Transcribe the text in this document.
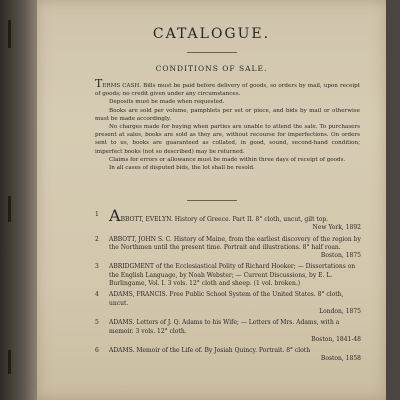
CATALOGUE.
CONDITIONS OF SALE.

TERMS CASH. Bills must be paid before delivery of goods, so orders by mail, upon receipt of goods; no credit given under any circumstances.

Deposits must be made when requested.

Books are sold per volume, pamphlets per set or piece, and bids by mail or otherwise must be made accordingly.

No charges made for buying when parties are unable to attend the sale. To purchasers present at sales, books are sold as they are, without recourse for imperfections. On orders sent to us, books are guaranteed as collated, in good, sound, second-hand condition; imperfect books (not so described) may be returned.

Claims for errors or allowance must be made within three days of receipt of goods.

In all cases of disputed bids, the lot shall be resold.

1 ABBOTT, EVELYN. History of Greece. Part II. 8° cloth, uncut, gilt top.
New York, 1892
2 ABBOTT, JOHN S. C. History of Maine, from the earliest discovery of the region by the Northmen until the present time. Portrait and illustrations. 8° half roan.
Boston, 1875
3 ABRIDGMENT of the Ecclesiastical Polity of Richard Hooker; — Dissertations on the English Language, by Noah Webster; — Current Discussions, by E. L. Burlingame, Vol. I. 3 vols. 12° cloth and sheep. (1 vol. broken.)
4 ADAMS, FRANCIS. Free Public School System of the United States. 8° cloth, uncut.
London, 1875
5 ADAMS. Letters of J. Q. Adams to his Wife; — Letters of Mrs. Adams, with a memoir. 3 vols. 12° cloth.
Boston, 1841-48
6 ADAMS. Memoir of the Life of. By Josiah Quincy. Portrait. 8° cloth
Boston, 1858
